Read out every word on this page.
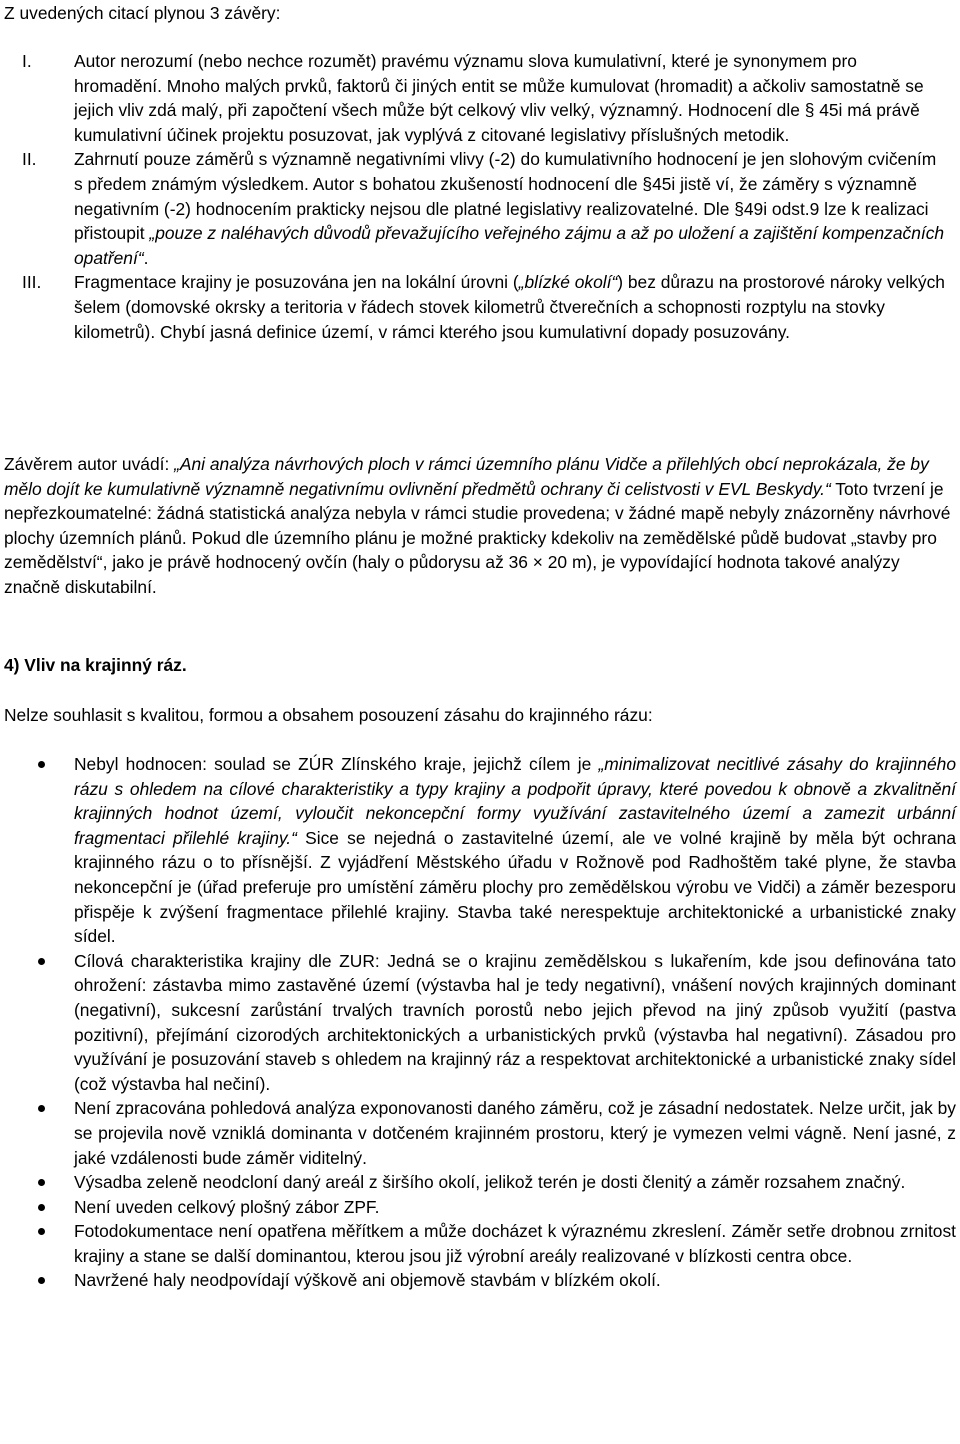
Z uvedených citací plynou 3 závěry:

I.	Autor nerozumí (nebo nechce rozumět) pravému významu slova kumulativní, které je synonymem pro hromadění. Mnoho malých prvků, faktorů či jiných entit se může kumulovat (hromadit) a ačkoliv samostatně se jejich vliv zdá malý, při započtení všech může být celkový vliv velký, významný. Hodnocení dle § 45i má právě kumulativní účinek projektu posuzovat, jak vyplývá z citované legislativy příslušných metodik.
II.	Zahrnutí pouze záměrů s významně negativními vlivy (-2) do kumulativního hodnocení je jen slohovým cvičením s předem známým výsledkem. Autor s bohatou zkušeností hodnocení dle §45i jistě ví, že záměry s významně negativním (-2) hodnocením prakticky nejsou dle platné legislativy realizovatelné. Dle §49i odst.9 lze k realizaci přistoupit „pouze z naléhavých důvodů převažujícího veřejného zájmu a až po uložení a zajištění kompenzačních opatření“.
III.	Fragmentace krajiny je posuzována jen na lokální úrovni („blízké okolí“) bez důrazu na prostorové nároky velkých šelem (domovské okrsky a teritoria v řádech stovek kilometrů čtverečních a schopnosti rozptylu na stovky kilometrů). Chybí jasná definice území, v rámci kterého jsou kumulativní dopady posuzovány.

Závěrem autor uvádí: „Ani analýza návrhových ploch v rámci územního plánu Vidče a přilehlých obcí neprokázala, že by mělo dojít ke kumulativně významně negativnímu ovlivnění předmětů ochrany či celistvosti v EVL Beskydy.“ Toto tvrzení je nepřezkoumatelné: žádná statistická analýza nebyla v rámci studie provedena; v žádné mapě nebyly znázorněny návrhové plochy územních plánů. Pokud dle územního plánu je možné prakticky kdekoliv na zemědělské půdě budovat „stavby pro zemědělství“, jako je právě hodnocený ovčín (haly o půdorysu až 36 × 20 m), je vypovídající hodnota takové analýzy značně diskutabilní.

4) Vliv na krajinný ráz.

Nelze souhlasit s kvalitou, formou a obsahem posouzení zásahu do krajinného rázu:

Nebyl hodnocen: soulad se ZÚR Zlínského kraje, jejichž cílem je „minimalizovat necitlivé zásahy do krajinného rázu s ohledem na cílové charakteristiky a typy krajiny a podpořit úpravy, které povedou k obnově a zkvalitnění krajinných hodnot území, vyloučit nekoncepční formy využívání zastavitelného území a zamezit urbánní fragmentaci přilehlé krajiny.“ Sice se nejedná o zastavitelné území, ale ve volné krajině by měla být ochrana krajinného rázu o to přísnější. Z vyjádření Městského úřadu v Rožnově pod Radhoštěm také plyne, že stavba nekoncepční je (úřad preferuje pro umístění záměru plochy pro zemědělskou výrobu ve Vidči) a záměr bezesporu přispěje k zvýšení fragmentace přilehlé krajiny. Stavba také nerespektuje architektonické a urbanistické znaky sídel.
Cílová charakteristika krajiny dle ZUR: Jedná se o krajinu zemědělskou s lukařením, kde jsou definována tato ohrožení: zástavba mimo zastavěné území (výstavba hal je tedy negativní), vnášení nových krajinných dominant (negativní), sukcesní zarůstání trvalých travních porostů nebo jejich převod na jiný způsob využití (pastva pozitivní), přejímání cizorodých architektonických a urbanistických prvků (výstavba hal negativní). Zásadou pro využívání je posuzování staveb s ohledem na krajinný ráz a respektovat architektonické a urbanistické znaky sídel (což výstavba hal nečiní).
Není zpracována pohledová analýza exponovanosti daného záměru, což je zásadní nedostatek. Nelze určit, jak by se projevila nově vzniklá dominanta v dotčeném krajinném prostoru, který je vymezen velmi vágně. Není jasné, z jaké vzdálenosti bude záměr viditelný.
Výsadba zeleně neodcloní daný areál z širšího okolí, jelikož terén je dosti členitý a záměr rozsahem značný.
Není uveden celkový plošný zábor ZPF.
Fotodokumentace není opatřena měřítkem a může docházet k výraznému zkreslení. Záměr setře drobnou zrnitost krajiny a stane se další dominantou, kterou jsou již výrobní areály realizované v blízkosti centra obce.
Navržené haly neodpovídají výškově ani objemově stavbám v blízkém okolí.
